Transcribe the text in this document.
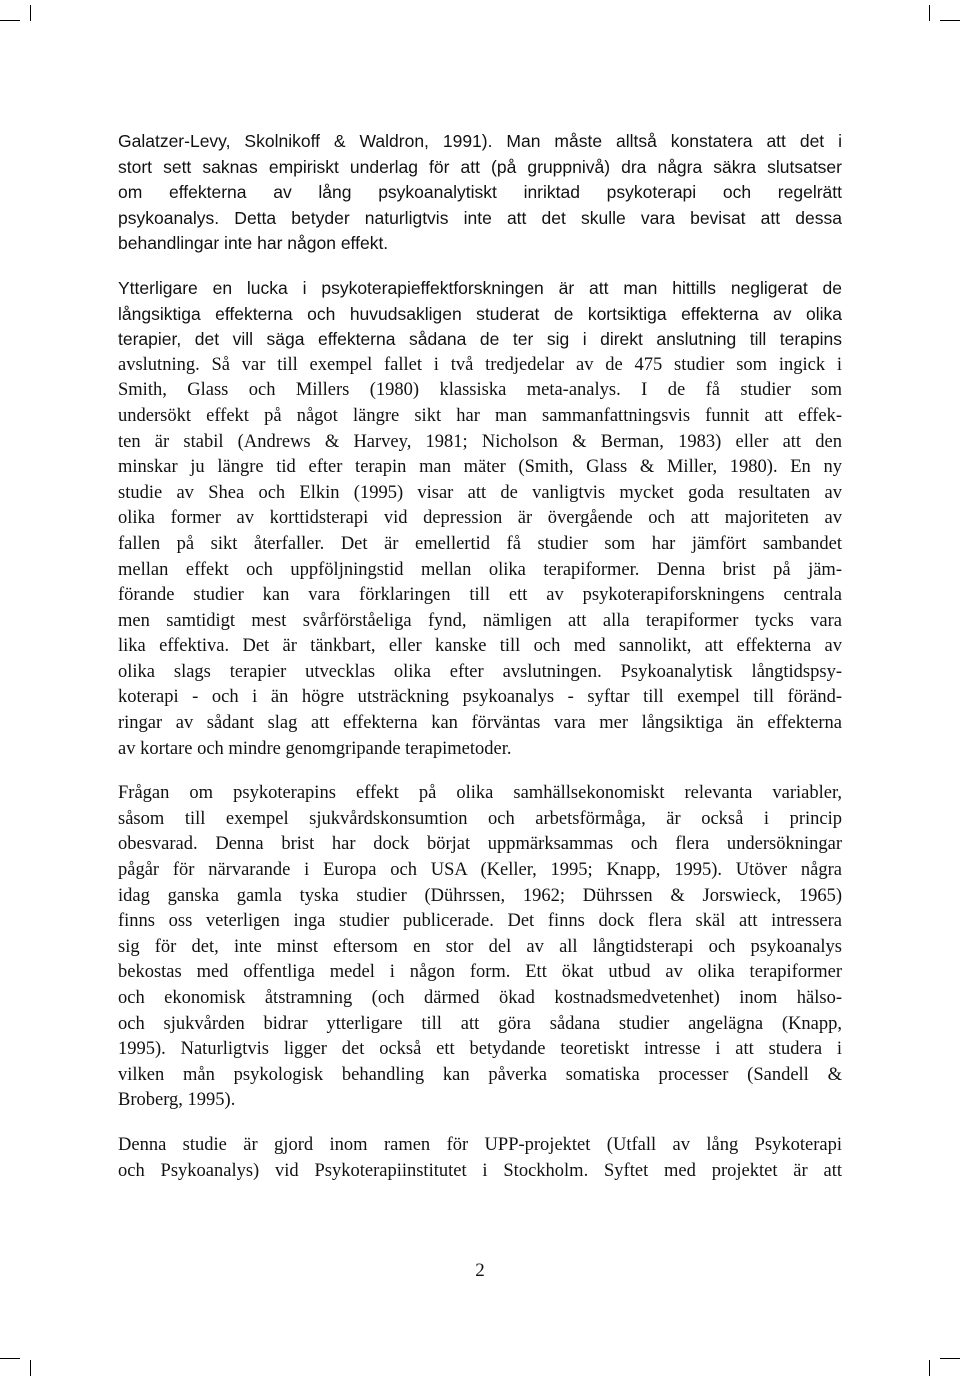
Galatzer-Levy, Skolnikoff & Waldron, 1991). Man måste alltså konstatera att det i
stort sett saknas empiriskt underlag för att (på gruppnivå) dra några säkra slutsatser
om effekterna av lång psykoanalytiskt inriktad psykoterapi och regelrätt
psykoanalys. Detta betyder naturligtvis inte att det skulle vara bevisat att dessa
behandlingar inte har någon effekt.
Ytterligare en lucka i psykoterapieffektforskningen är att man hittills negligerat de
långsiktiga effekterna och huvudsakligen studerat de kortsiktiga effekterna av olika
terapier, det vill säga effekterna sådana de ter sig i direkt anslutning till terapins
avslutning. Så var till exempel fallet i två tredjedelar av de 475 studier som ingick i
Smith, Glass och Millers (1980) klassiska meta-analys. I de få studier som
undersökt effekt på något längre sikt har man sammanfattningsvis funnit att effek-
ten är stabil (Andrews & Harvey, 1981; Nicholson & Berman, 1983) eller att den
minskar ju längre tid efter terapin man mäter (Smith, Glass & Miller, 1980). En ny
studie av Shea och Elkin (1995) visar att de vanligtvis mycket goda resultaten av
olika former av korttidsterapi vid depression är övergående och att majoriteten av
fallen på sikt återfaller. Det är emellertid få studier som har jämfört sambandet
mellan effekt och uppföljningstid mellan olika terapiformer. Denna brist på jäm-
förande studier kan vara förklaringen till ett av psykoterapiforskningens centrala
men samtidigt mest svårförståeliga fynd, nämligen att alla terapiformer tycks vara
lika effektiva. Det är tänkbart, eller kanske till och med sannolikt, att effekterna av
olika slags terapier utvecklas olika efter avslutningen. Psykoanalytisk långtidspsy-
koterapi - och i än högre utsträckning psykoanalys - syftar till exempel till föränd-
ringar av sådant slag att effekterna kan förväntas vara mer långsiktiga än effekterna
av kortare och mindre genomgripande terapimetoder.
Frågan om psykoterapins effekt på olika samhällsekonomiskt relevanta variabler,
såsom till exempel sjukvårdskonsumtion och arbetsförmåga, är också i princip
obesvarad. Denna brist har dock börjat uppmärksammas och flera undersökningar
pågår för närvarande i Europa och USA (Keller, 1995; Knapp, 1995). Utöver några
idag ganska gamla tyska studier (Dührssen, 1962; Dührssen & Jorswieck, 1965)
finns oss veterligen inga studier publicerade. Det finns dock flera skäl att intressera
sig för det, inte minst eftersom en stor del av all långtidsterapi och psykoanalys
bekostas med offentliga medel i någon form. Ett ökat utbud av olika terapiformer
och ekonomisk åtstramning (och därmed ökad kostnadsmedvetenhet) inom hälso-
och sjukvården bidrar ytterligare till att göra sådana studier angelägna (Knapp,
1995). Naturligtvis ligger det också ett betydande teoretiskt intresse i att studera i
vilken mån psykologisk behandling kan påverka somatiska processer (Sandell &
Broberg, 1995).
Denna studie är gjord inom ramen för UPP-projektet (Utfall av lång Psykoterapi
och Psykoanalys) vid Psykoterapiinstitutet i Stockholm. Syftet med projektet är att
2
